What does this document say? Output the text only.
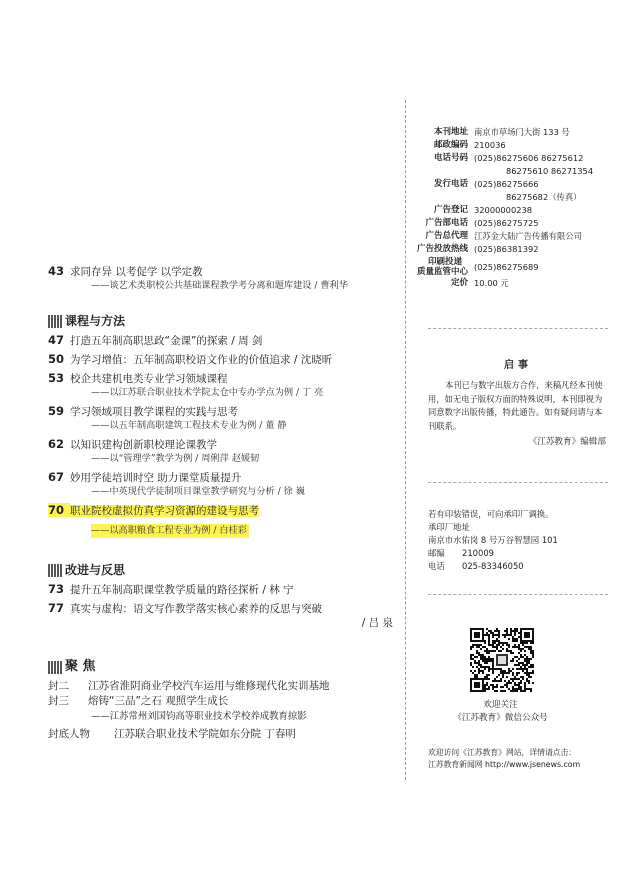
43 求同存异 以考促学 以学定教
——谈艺术类职校公共基础课程教学考分离和题库建设 / 曹利华
课程与方法
47 打造五年制高职思政“金课”的探索 / 周 剑
50 为学习增值：五年制高职校语文作业的价值追求 / 沈晓昕
53 校企共建机电类专业学习领域课程
——以江苏联合职业技术学院太仓中专办学点为例 / 丁 亮
59 学习领域项目教学课程的实践与思考
——以五年制高职建筑工程技术专业为例 / 董 静
62 以知识建构创新职校理论课教学
——以“管理学”教学为例 / 周俐萍 赵媛韧
67 妙用学徒培训时空 助力课堂质量提升
——中英现代学徒制项目课堂教学研究与分析 / 徐 巍
70 职业院校虚拟仿真学习资源的建设与思考
——以高职粮食工程专业为例 / 白桂彩
改进与反思
73 提升五年制高职课堂教学质量的路径探析 / 林 宁
77 真实与虚构：语文写作教学落实核心素养的反思与突破
/ 吕 泉
聚 焦
封二 江苏省淮阴商业学校汽车运用与维修现代化实训基地
封三 熔铸“三品”之石 观照学生成长
——江苏常州刘国钧高等职业技术学校养成教育掠影
封底人物 江苏联合职业技术学院如东分院 丁春明
本刊地址 南京市草场门大街 133 号
邮政编码 210036
电话号码 (025)86275606 86275612
86275610 86271354
发行电话 (025)86275666
86275682（传真）
广告登记 32000000238
广告部电话 (025)86275725
广告总代理 江苏金大陆广告传播有限公司
广告投放热线 (025)86381392
印刷投递
质量监管中心 (025)86275689
定价 10.00 元
启事
本刊已与数字出版方合作，来稿凡经本刊使用，如无电子版权方面的特殊说明，本刊即视为同意数字出版传播，特此通告。如有疑问请与本刊联系。
《江苏教育》编辑部
若有印装错误，可向承印厂调换。
承印厂地址
南京市水佑岗 8 号万谷智慧园 101
邮编 210009
电话 025-83346050
欢迎关注
《江苏教育》微信公众号
欢迎访问《江苏教育》网站，详情请点击：
江苏教育新闻网 http://www.jsenews.com
